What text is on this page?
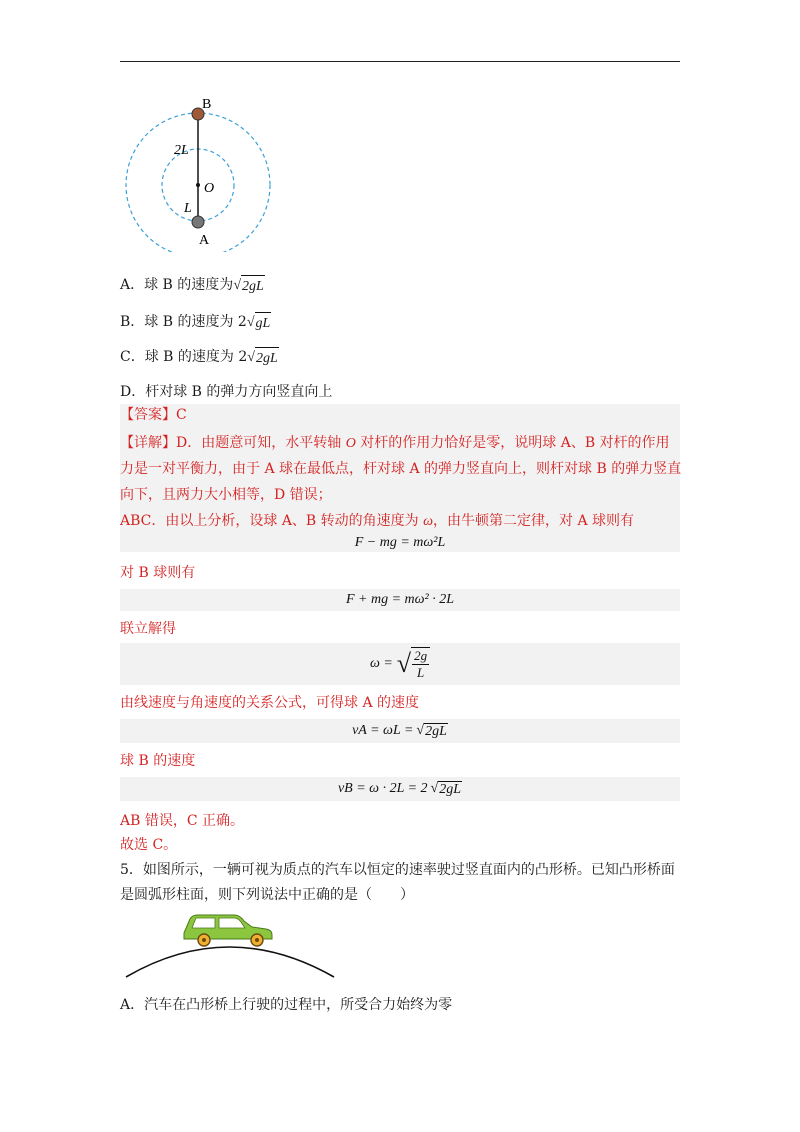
B
A
O
2L
L
A．球 B 的速度为 √ 2gL
B．球 B 的速度为 2 √ gL
C．球 B 的速度为 2 √ 2gL
D．杆对球 B 的弹力方向竖直向上
【答案】C
【详解】D．由题意可知，水平转轴 O 对杆的作用力恰好是零，说明球 A、B 对杆的作用
力是一对平衡力，由于 A 球在最低点，杆对球 A 的弹力竖直向上，则杆对球 B 的弹力竖直
向下，且两力大小相等，D 错误；
ABC．由以上分析，设球 A、B 转动的角速度为 ω，由牛顿第二定律，对 A 球则有
F − mg = mω²L
对 B 球则有
F + mg = mω² · 2L
联立解得
ω = √ $\frac{2g}{L}$
由线速度与角速度的关系公式，可得球 A 的速度
vA = ωL = √ 2gL
球 B 的速度
vB = ω · 2L = 2 √ 2gL
AB 错误，C 正确。
故选 C。
5．如图所示，一辆可视为质点的汽车以恒定的速率驶过竖直面内的凸形桥。已知凸形桥面
是圆弧形柱面，则下列说法中正确的是（　　）
A．汽车在凸形桥上行驶的过程中，所受合力始终为零
